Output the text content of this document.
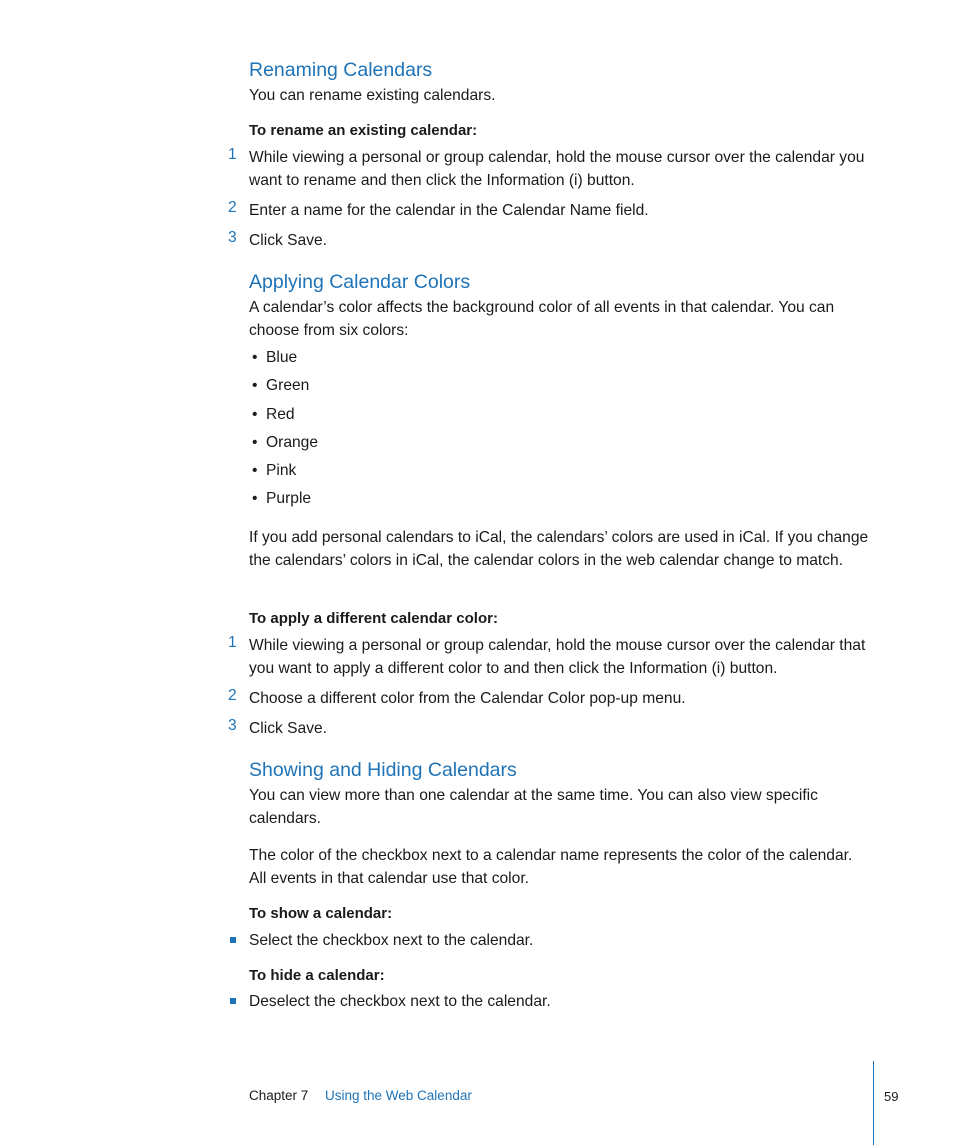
Renaming Calendars
You can rename existing calendars.
To rename an existing calendar:
1 While viewing a personal or group calendar, hold the mouse cursor over the calendar you want to rename and then click the Information (i) button.
2 Enter a name for the calendar in the Calendar Name field.
3 Click Save.
Applying Calendar Colors
A calendar’s color affects the background color of all events in that calendar. You can choose from six colors:
• Blue
• Green
• Red
• Orange
• Pink
• Purple
If you add personal calendars to iCal, the calendars’ colors are used in iCal. If you change the calendars’ colors in iCal, the calendar colors in the web calendar change to match.
To apply a different calendar color:
1 While viewing a personal or group calendar, hold the mouse cursor over the calendar that you want to apply a different color to and then click the Information (i) button.
2 Choose a different color from the Calendar Color pop-up menu.
3 Click Save.
Showing and Hiding Calendars
You can view more than one calendar at the same time. You can also view specific calendars.
The color of the checkbox next to a calendar name represents the color of the calendar. All events in that calendar use that color.
To show a calendar:
Select the checkbox next to the calendar.
To hide a calendar:
Deselect the checkbox next to the calendar.
Chapter 7 Using the Web Calendar	59
